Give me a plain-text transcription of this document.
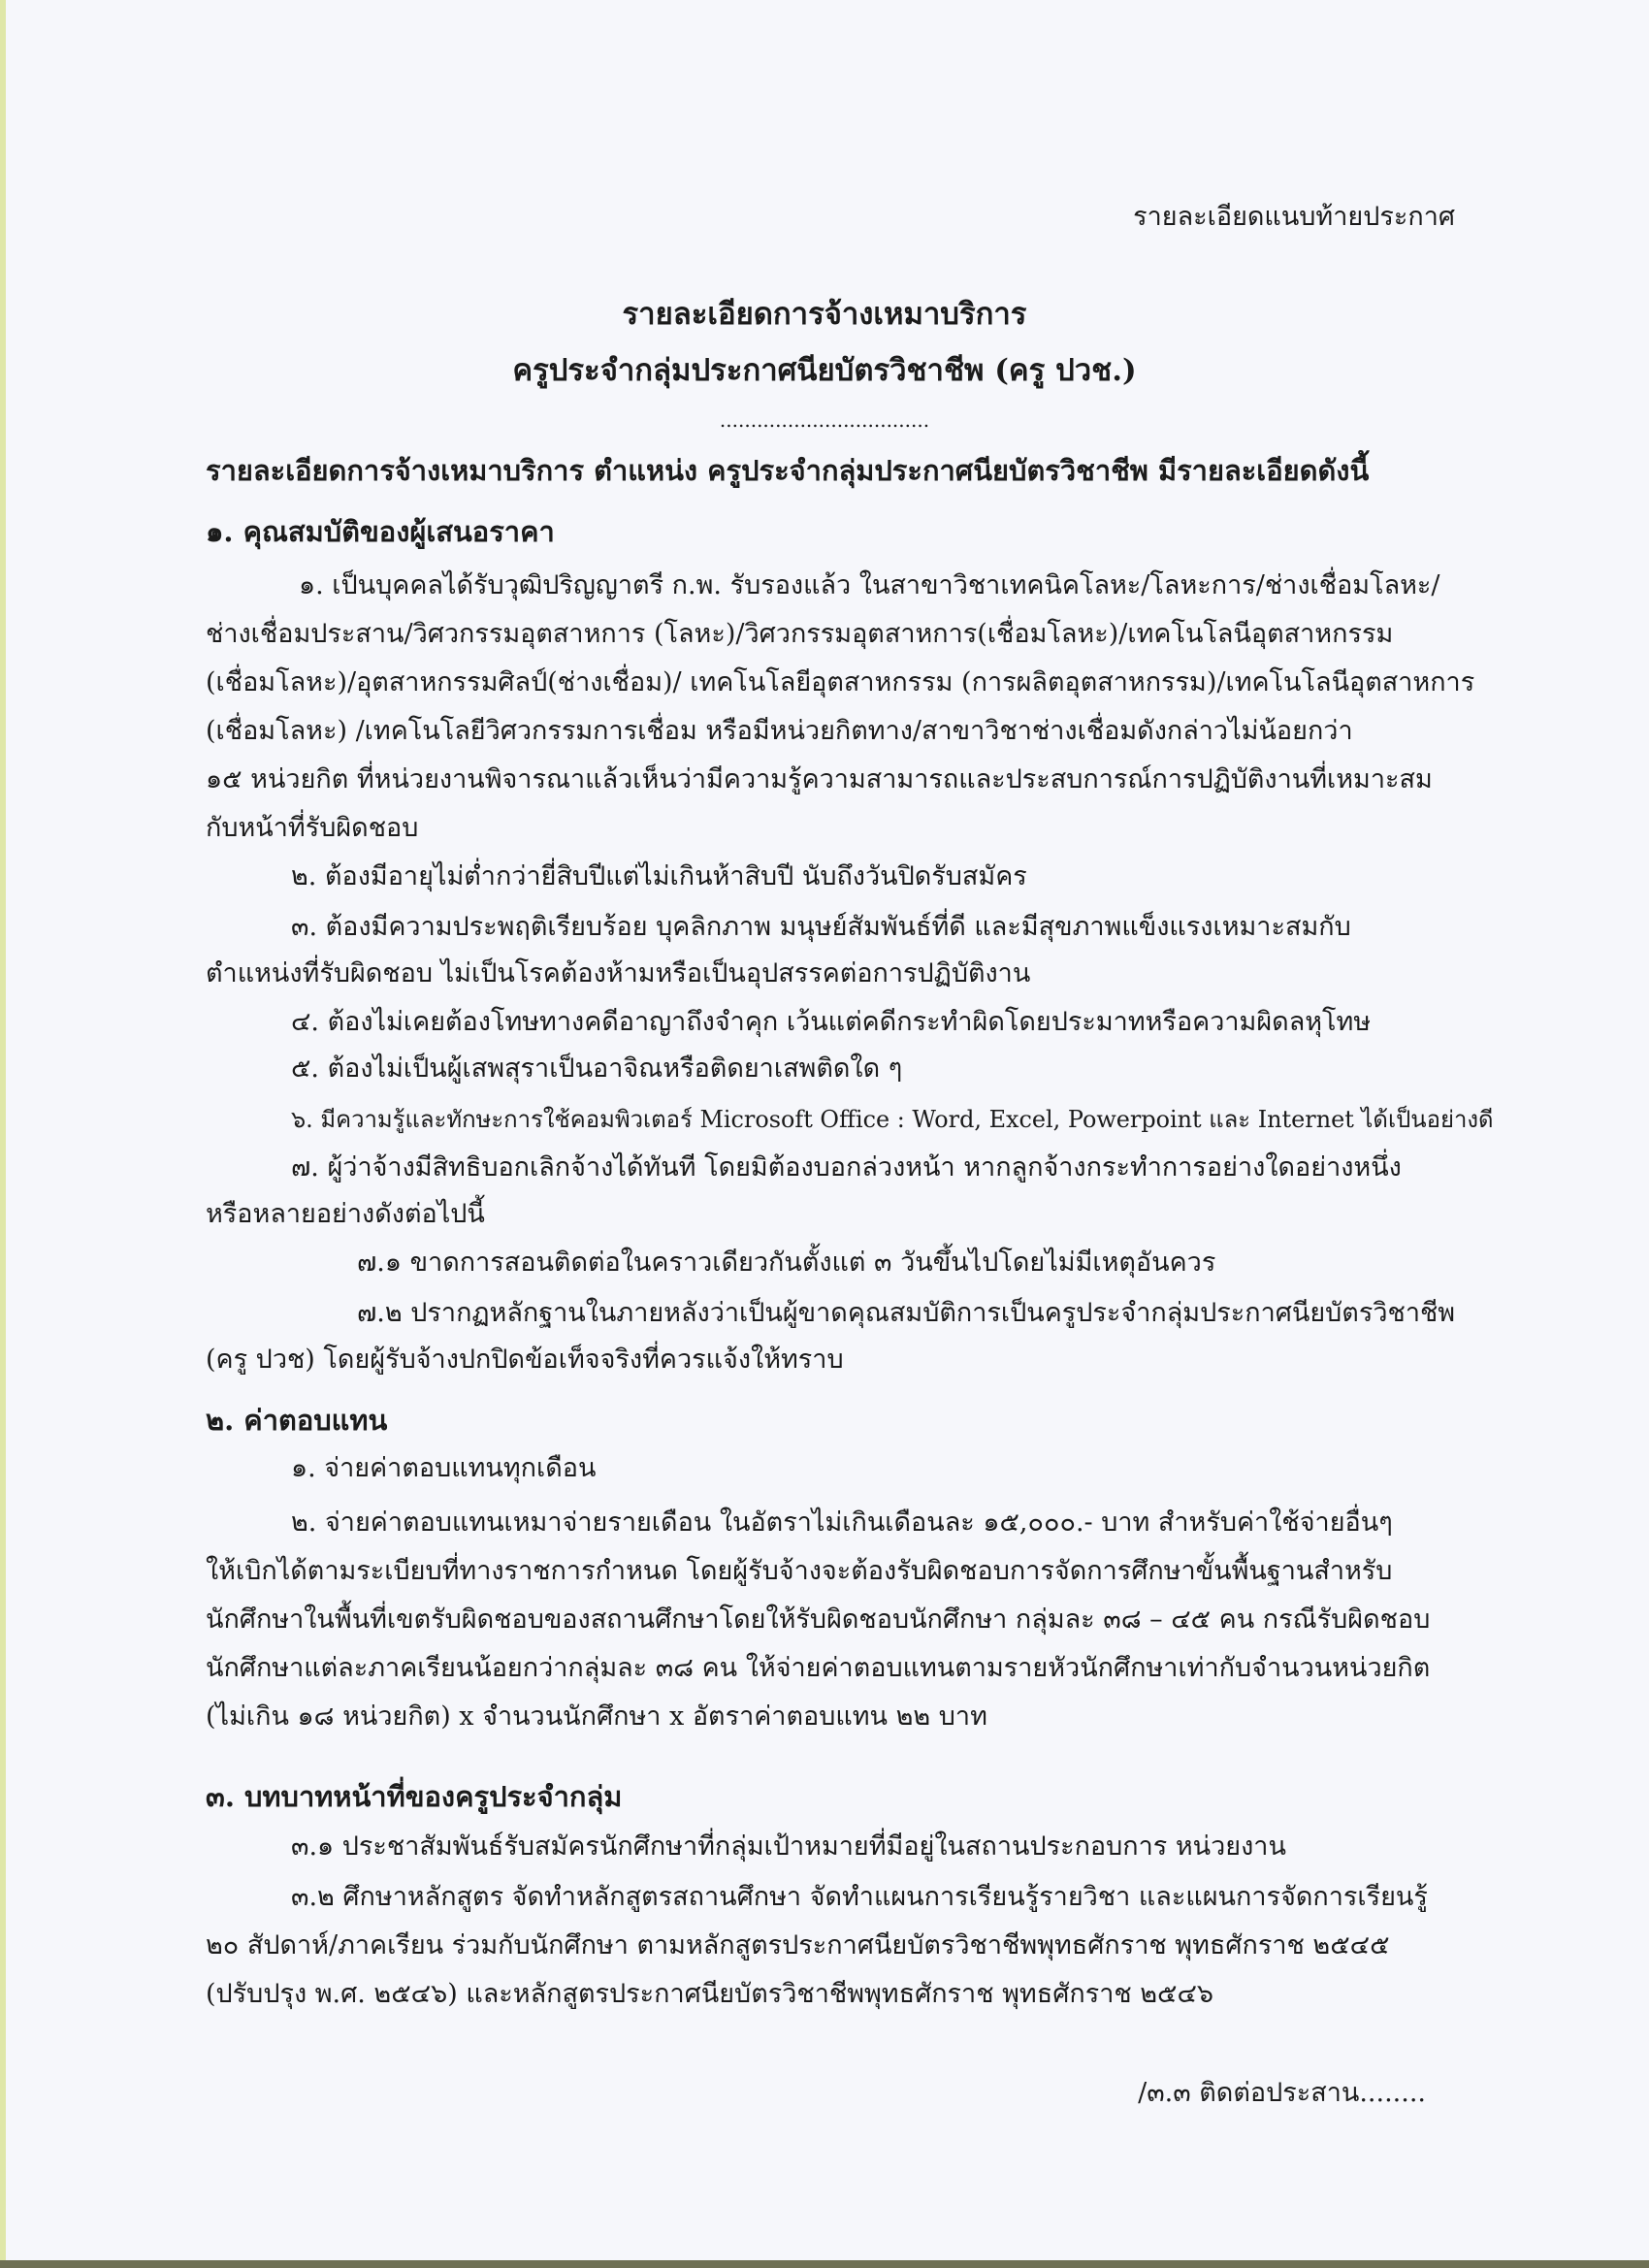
รายละเอียดแนบท้ายประกาศ
รายละเอียดการจ้างเหมาบริการ
ครูประจำกลุ่มประกาศนียบัตรวิชาชีพ (ครู ปวช.)
..................................
รายละเอียดการจ้างเหมาบริการ ตำแหน่ง ครูประจำกลุ่มประกาศนียบัตรวิชาชีพ มีรายละเอียดดังนี้
๑. คุณสมบัติของผู้เสนอราคา
๑. เป็นบุคคลได้รับวุฒิปริญญาตรี ก.พ. รับรองแล้ว ในสาขาวิชาเทคนิคโลหะ/โลหะการ/ช่างเชื่อมโลหะ/
ช่างเชื่อมประสาน/วิศวกรรมอุตสาหการ (โลหะ)/วิศวกรรมอุตสาหการ(เชื่อมโลหะ)/เทคโนโลนีอุตสาหกรรม
(เชื่อมโลหะ)/อุตสาหกรรมศิลป์(ช่างเชื่อม)/ เทคโนโลยีอุตสาหกรรม (การผลิตอุตสาหกรรม)/เทคโนโลนีอุตสาหการ
(เชื่อมโลหะ) /เทคโนโลยีวิศวกรรมการเชื่อม หรือมีหน่วยกิตทาง/สาขาวิชาช่างเชื่อมดังกล่าวไม่น้อยกว่า
๑๕ หน่วยกิต ที่หน่วยงานพิจารณาแล้วเห็นว่ามีความรู้ความสามารถและประสบการณ์การปฏิบัติงานที่เหมาะสม
กับหน้าที่รับผิดชอบ
๒. ต้องมีอายุไม่ต่ำกว่ายี่สิบปีแต่ไม่เกินห้าสิบปี นับถึงวันปิดรับสมัคร
๓. ต้องมีความประพฤติเรียบร้อย บุคลิกภาพ มนุษย์สัมพันธ์ที่ดี และมีสุขภาพแข็งแรงเหมาะสมกับ
ตำแหน่งที่รับผิดชอบ ไม่เป็นโรคต้องห้ามหรือเป็นอุปสรรคต่อการปฏิบัติงาน
๔. ต้องไม่เคยต้องโทษทางคดีอาญาถึงจำคุก เว้นแต่คดีกระทำผิดโดยประมาทหรือความผิดลหุโทษ
๕. ต้องไม่เป็นผู้เสพสุราเป็นอาจิณหรือติดยาเสพติดใด ๆ
๖. มีความรู้และทักษะการใช้คอมพิวเตอร์ Microsoft Office : Word, Excel, Powerpoint และ Internet ได้เป็นอย่างดี
๗. ผู้ว่าจ้างมีสิทธิบอกเลิกจ้างได้ทันที โดยมิต้องบอกล่วงหน้า หากลูกจ้างกระทำการอย่างใดอย่างหนึ่ง
หรือหลายอย่างดังต่อไปนี้
๗.๑ ขาดการสอนติดต่อในคราวเดียวกันตั้งแต่ ๓ วันขึ้นไปโดยไม่มีเหตุอันควร
๗.๒ ปรากฏหลักฐานในภายหลังว่าเป็นผู้ขาดคุณสมบัติการเป็นครูประจำกลุ่มประกาศนียบัตรวิชาชีพ
(ครู ปวช) โดยผู้รับจ้างปกปิดข้อเท็จจริงที่ควรแจ้งให้ทราบ
๒. ค่าตอบแทน
๑. จ่ายค่าตอบแทนทุกเดือน
๒. จ่ายค่าตอบแทนเหมาจ่ายรายเดือน ในอัตราไม่เกินเดือนละ ๑๕,๐๐๐.- บาท สำหรับค่าใช้จ่ายอื่นๆ
ให้เบิกได้ตามระเบียบที่ทางราชการกำหนด โดยผู้รับจ้างจะต้องรับผิดชอบการจัดการศึกษาขั้นพื้นฐานสำหรับ
นักศึกษาในพื้นที่เขตรับผิดชอบของสถานศึกษาโดยให้รับผิดชอบนักศึกษา กลุ่มละ ๓๘ – ๔๕ คน กรณีรับผิดชอบ
นักศึกษาแต่ละภาคเรียนน้อยกว่ากลุ่มละ ๓๘ คน ให้จ่ายค่าตอบแทนตามรายหัวนักศึกษาเท่ากับจำนวนหน่วยกิต
(ไม่เกิน ๑๘ หน่วยกิต) x จำนวนนักศึกษา x อัตราค่าตอบแทน ๒๒ บาท
๓. บทบาทหน้าที่ของครูประจำกลุ่ม
๓.๑ ประชาสัมพันธ์รับสมัครนักศึกษาที่กลุ่มเป้าหมายที่มีอยู่ในสถานประกอบการ หน่วยงาน
๓.๒ ศึกษาหลักสูตร จัดทำหลักสูตรสถานศึกษา จัดทำแผนการเรียนรู้รายวิชา และแผนการจัดการเรียนรู้
๒๐ สัปดาห์/ภาคเรียน ร่วมกับนักศึกษา ตามหลักสูตรประกาศนียบัตรวิชาชีพพุทธศักราช พุทธศักราช ๒๕๔๕
(ปรับปรุง พ.ศ. ๒๕๔๖) และหลักสูตรประกาศนียบัตรวิชาชีพพุทธศักราช พุทธศักราช ๒๕๔๖
/๓.๓ ติดต่อประสาน........
